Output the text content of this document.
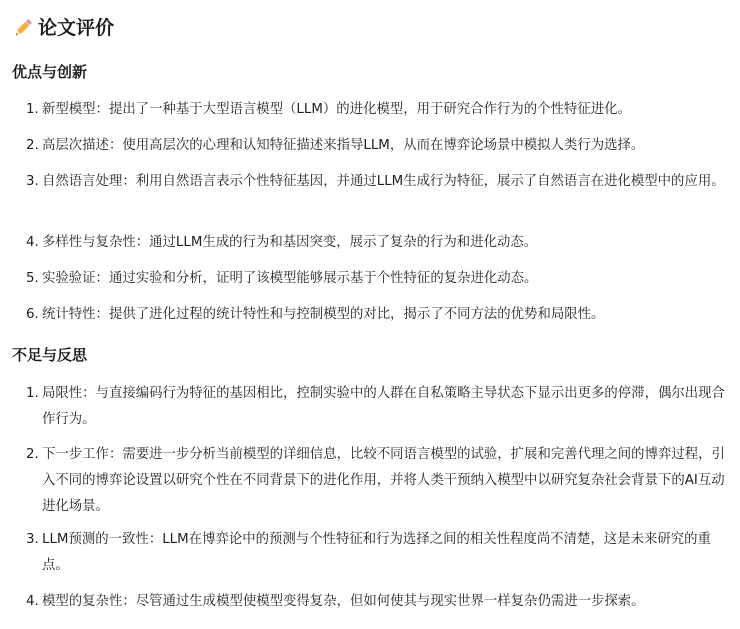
论文评价
优点与创新
1. 新型模型：提出了一种基于大型语言模型（LLM）的进化模型，用于研究合作行为的个性特征进化。
2. 高层次描述：使用高层次的心理和认知特征描述来指导LLM，从而在博弈论场景中模拟人类行为选择。
3. 自然语言处理：利用自然语言表示个性特征基因，并通过LLM生成行为特征，展示了自然语言在进化模型中的应用。
4. 多样性与复杂性：通过LLM生成的行为和基因突变，展示了复杂的行为和进化动态。
5. 实验验证：通过实验和分析，证明了该模型能够展示基于个性特征的复杂进化动态。
6. 统计特性：提供了进化过程的统计特性和与控制模型的对比，揭示了不同方法的优势和局限性。
不足与反思
1. 局限性：与直接编码行为特征的基因相比，控制实验中的人群在自私策略主导状态下显示出更多的停滞，偶尔出现合作行为。
2. 下一步工作：需要进一步分析当前模型的详细信息，比较不同语言模型的试验，扩展和完善代理之间的博弈过程，引入不同的博弈论设置以研究个性在不同背景下的进化作用，并将人类干预纳入模型中以研究复杂社会背景下的AI互动进化场景。
3. LLM预测的一致性：LLM在博弈论中的预测与个性特征和行为选择之间的相关性程度尚不清楚，这是未来研究的重点。
4. 模型的复杂性：尽管通过生成模型使模型变得复杂，但如何使其与现实世界一样复杂仍需进一步探索。
